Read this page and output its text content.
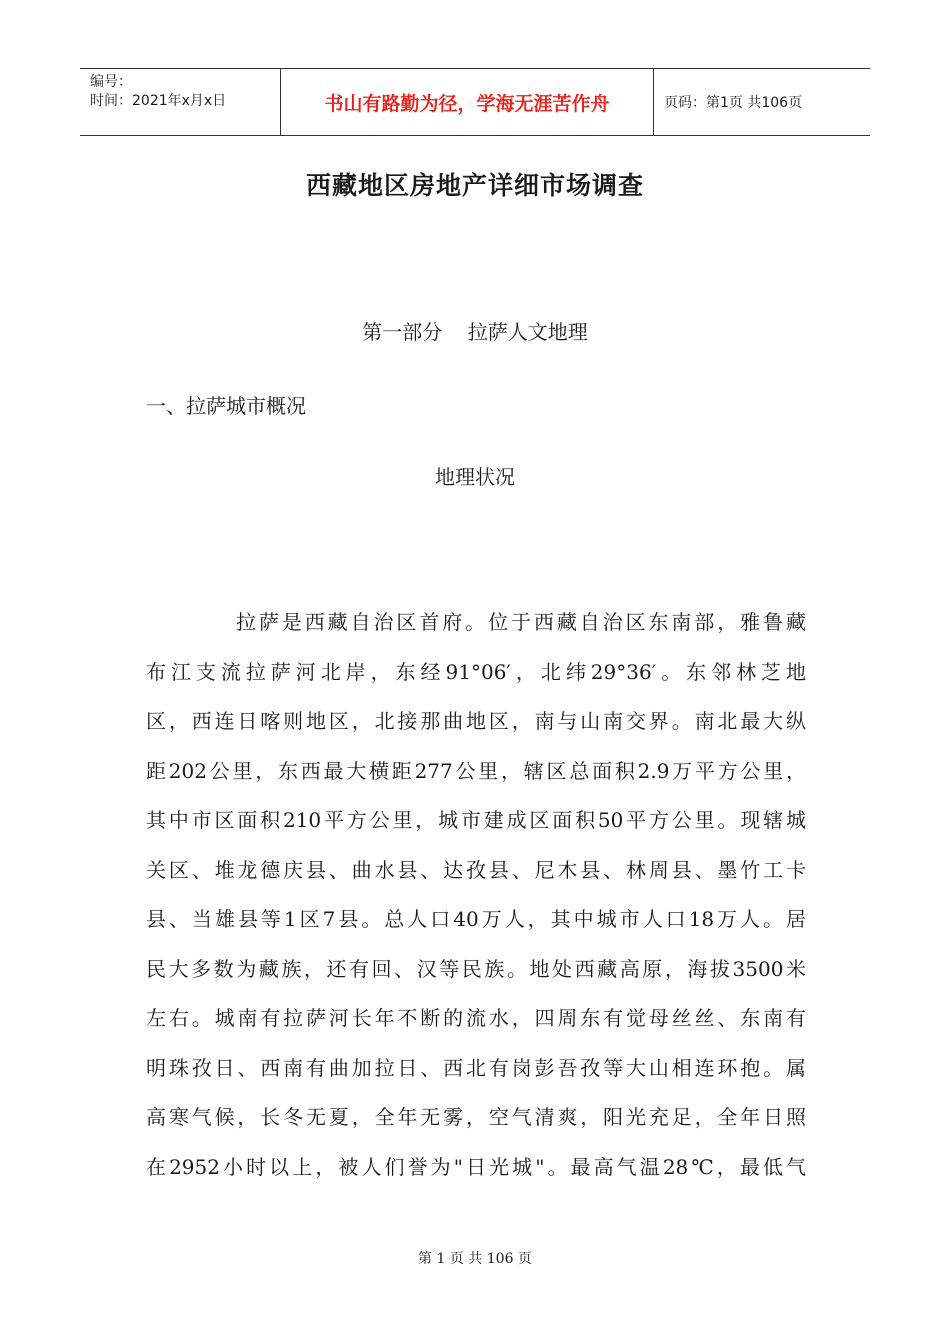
编号：
时间：2021年x月x日	书山有路勤为径，学海无涯苦作舟	页码：第1页 共106页
西藏地区房地产详细市场调查
第一部分    拉萨人文地理
一、拉萨城市概况
地理状况
拉萨是西藏自治区首府。位于西藏自治区东南部，雅鲁藏
布江支流拉萨河北岸，东经91°06′，北纬29°36′。东邻林芝地
区，西连日喀则地区，北接那曲地区，南与山南交界。南北最大纵
距202公里，东西最大横距277公里，辖区总面积2.9万平方公里，
其中市区面积210平方公里，城市建成区面积50平方公里。现辖城
关区、堆龙德庆县、曲水县、达孜县、尼木县、林周县、墨竹工卡
县、当雄县等1区7县。总人口40万人，其中城市人口18万人。居
民大多数为藏族，还有回、汉等民族。地处西藏高原，海拔3500米
左右。城南有拉萨河长年不断的流水，四周东有觉母丝丝、东南有
明珠孜日、西南有曲加拉日、西北有岗彭吾孜等大山相连环抱。属
高寒气候，长冬无夏，全年无雾，空气清爽，阳光充足，全年日照
在2952小时以上，被人们誉为"日光城"。最高气温28℃，最低气
第 1 页 共 106 页
